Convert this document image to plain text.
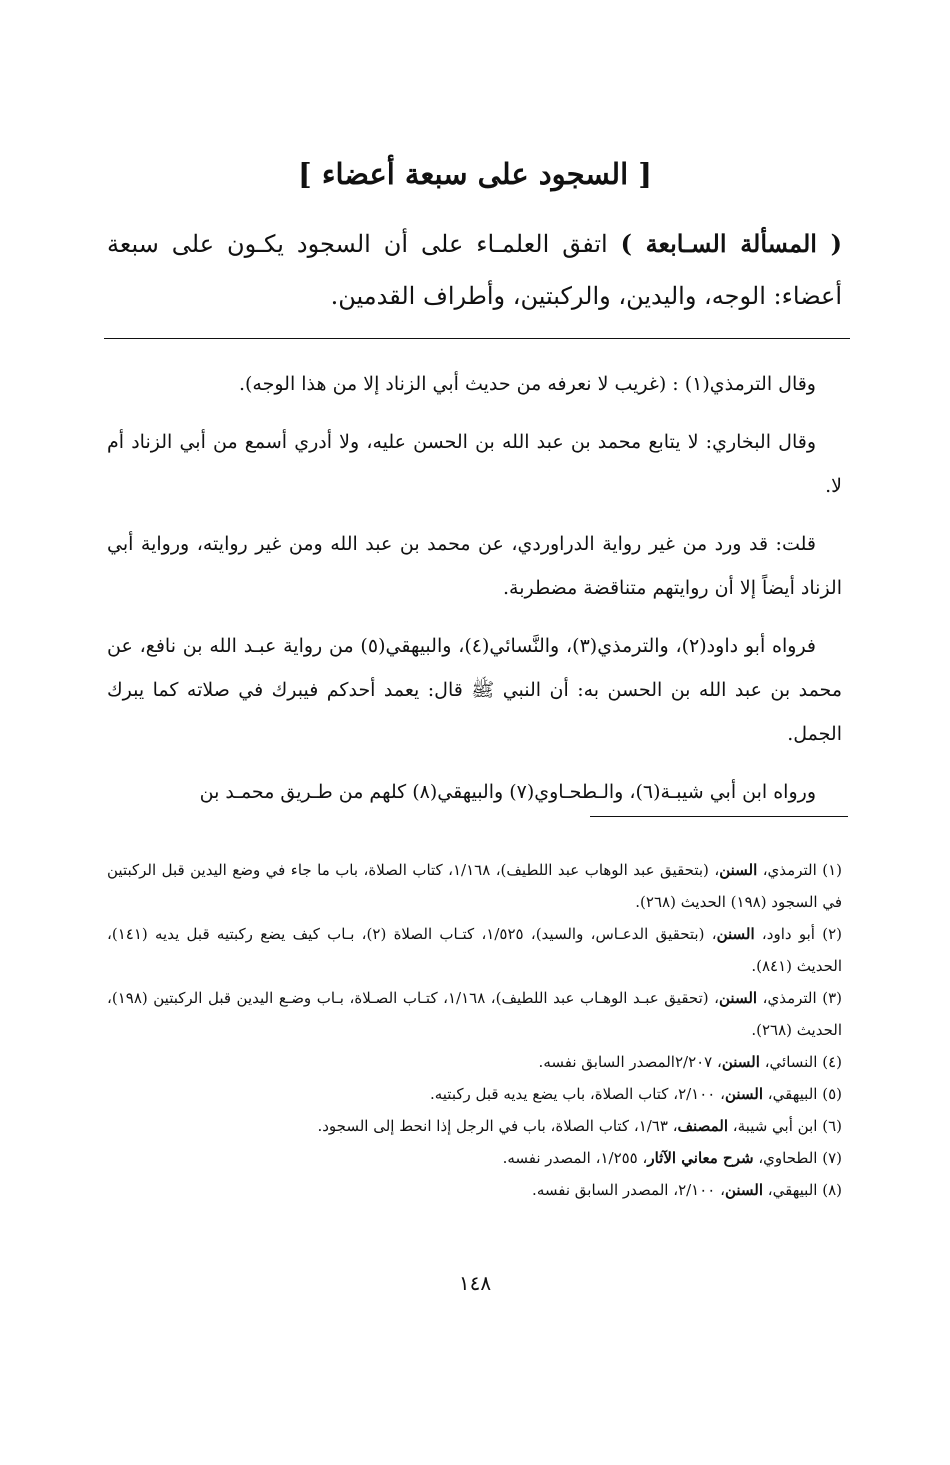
[ السجود على سبعة أعضاء ]
( المسألة السـابعة ) اتفق العلمـاء على أن السجود يكـون على سبعة أعضاء: الوجه، واليدين، والركبتين، وأطراف القدمين.

وقال الترمذي(١) : (غريب لا نعرفه من حديث أبي الزناد إلا من هذا الوجه).

وقال البخاري: لا يتابع محمد بن عبد الله بن الحسن عليه، ولا أدري أسمع من أبي الزناد أم لا.

قلت: قد ورد من غير رواية الدراوردي، عن محمد بن عبد الله ومن غير روايته، ورواية أبي الزناد أيضاً إلا أن روايتهم متناقضة مضطربة.

فرواه أبو داود(٢)، والترمذي(٣)، والنَّسائي(٤)، والبيهقي(٥) من رواية عبـد الله بن نافع، عن محمد بن عبد الله بن الحسن به: أن النبي ﷺ قال: يعمد أحدكم فيبرك في صلاته كما يبرك الجمل.

ورواه ابن أبي شيبـة(٦)، والـطحـاوي(٧) والبيهقي(٨) كلهم من طـريق محمـد بن

(١) الترمذي، السنن، (بتحقيق عبد الوهاب عبد اللطيف)، ١/١٦٨، كتاب الصلاة، باب ما جاء في وضع اليدين قبل الركبتين في السجود (١٩٨) الحديث (٢٦٨).
(٢) أبو داود، السنن، (بتحقيق الدعـاس، والسيد)، ١/٥٢٥، كتـاب الصلاة (٢)، بـاب كيف يضع ركبتيه قبل يديه (١٤١)، الحديث (٨٤١).
(٣) الترمذي، السنن، (تحقيق عبـد الوهـاب عبد اللطيف)، ١/١٦٨، كتـاب الصـلاة، بـاب وضـع اليدين قبل الركبتين (١٩٨)، الحديث (٢٦٨).
(٤) النسائي، السنن، ٢/٢٠٧المصدر السابق نفسه.
(٥) البيهقي، السنن، ٢/١٠٠، كتاب الصلاة، باب يضع يديه قبل ركبتيه.
(٦) ابن أبي شيبة، المصنف، ١/٦٣، كتاب الصلاة، باب في الرجل إذا انحط إلى السجود.
(٧) الطحاوي، شرح معاني الآثار، ١/٢٥٥، المصدر نفسه.
(٨) البيهقي، السنن، ٢/١٠٠، المصدر السابق نفسه.
١٤٨
